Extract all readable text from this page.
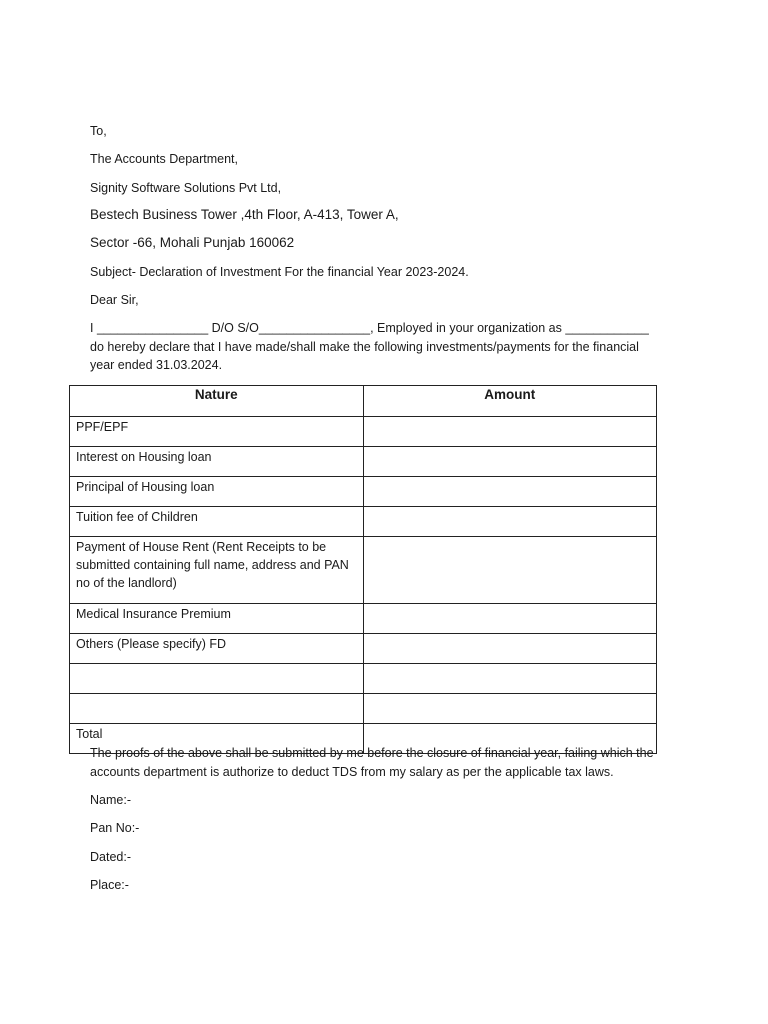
To,
The Accounts Department,
Signity Software Solutions Pvt Ltd,
Bestech Business Tower ,4th Floor, A-413, Tower A,
Sector -66, Mohali Punjab 160062
Subject- Declaration of Investment For the financial Year 2023-2024.
Dear Sir,
I ________________ D/O S/O________________, Employed in your organization as ____________
do hereby declare that I have made/shall make the following investments/payments for the financial
year ended 31.03.2024.
Nature	Amount
PPF/EPF	
Interest on Housing loan	
Principal of Housing loan	
Tuition fee of Children	
Payment of House Rent (Rent Receipts to be submitted containing full name, address and PAN no of the landlord)	
Medical Insurance Premium	
Others (Please specify) FD	

Total	
The proofs of the above shall be submitted by me before the closure of financial year, failing which the
accounts department is authorize to deduct TDS from my salary as per the applicable tax laws.
Name:-
Pan No:-
Dated:-
Place:-
